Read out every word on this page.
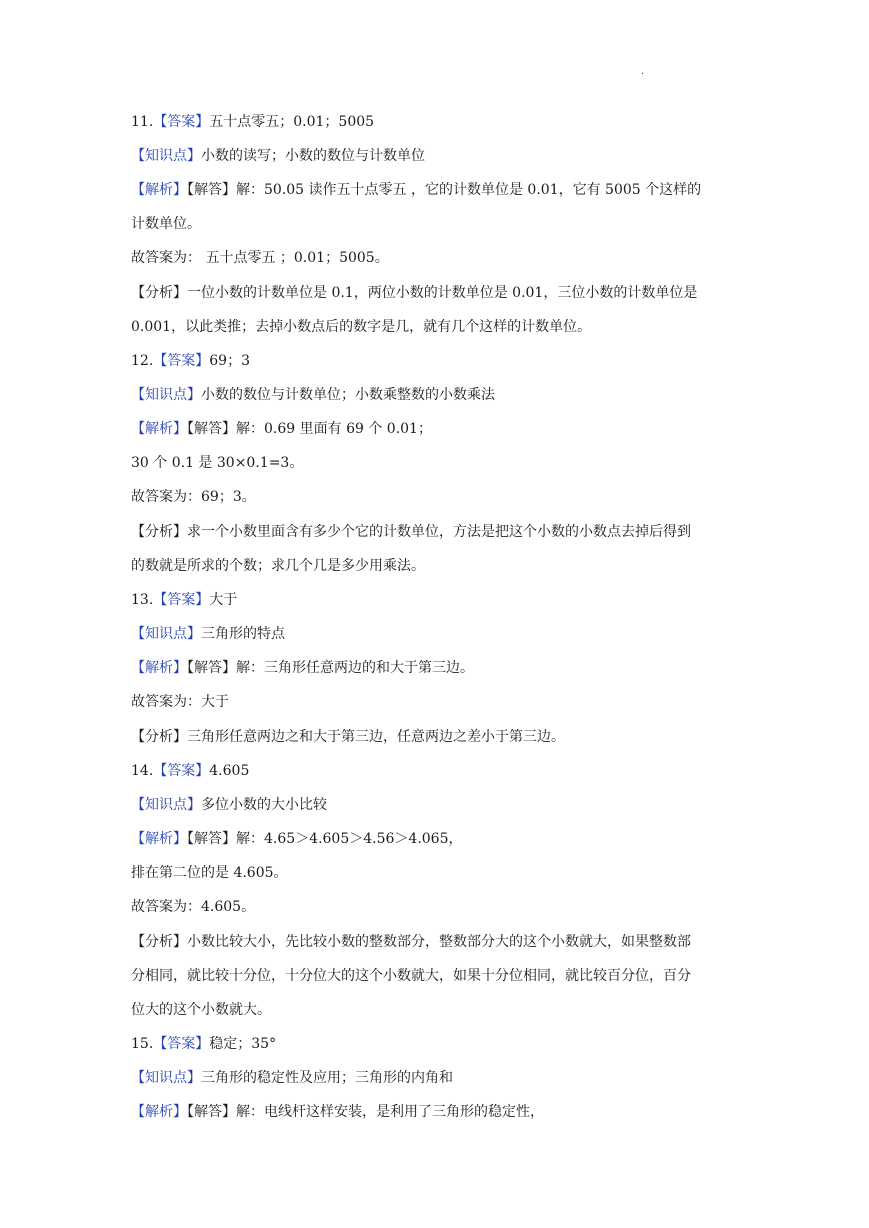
.
11.【答案】五十点零五；0.01；5005
【知识点】小数的读写；小数的数位与计数单位
【解析】【解答】解：50.05 读作五十点零五 ，它的计数单位是 0.01，它有 5005 个这样的
计数单位。
故答案为： 五十点零五 ；0.01；5005。
【分析】一位小数的计数单位是 0.1，两位小数的计数单位是 0.01，三位小数的计数单位是
0.001，以此类推；去掉小数点后的数字是几，就有几个这样的计数单位。
12.【答案】69；3
【知识点】小数的数位与计数单位；小数乘整数的小数乘法
【解析】【解答】解：0.69 里面有 69 个 0.01；
30 个 0.1 是 30×0.1=3。
故答案为：69；3。
【分析】求一个小数里面含有多少个它的计数单位，方法是把这个小数的小数点去掉后得到
的数就是所求的个数；求几个几是多少用乘法。
13.【答案】大于
【知识点】三角形的特点
【解析】【解答】解：三角形任意两边的和大于第三边。
故答案为：大于
【分析】三角形任意两边之和大于第三边，任意两边之差小于第三边。
14.【答案】4.605
【知识点】多位小数的大小比较
【解析】【解答】解：4.65＞4.605＞4.56＞4.065，
排在第二位的是 4.605。
故答案为：4.605。
【分析】小数比较大小，先比较小数的整数部分，整数部分大的这个小数就大，如果整数部
分相同，就比较十分位，十分位大的这个小数就大，如果十分位相同，就比较百分位，百分
位大的这个小数就大。
15.【答案】稳定；35°
【知识点】三角形的稳定性及应用；三角形的内角和
【解析】【解答】解：电线杆这样安装，是利用了三角形的稳定性，
